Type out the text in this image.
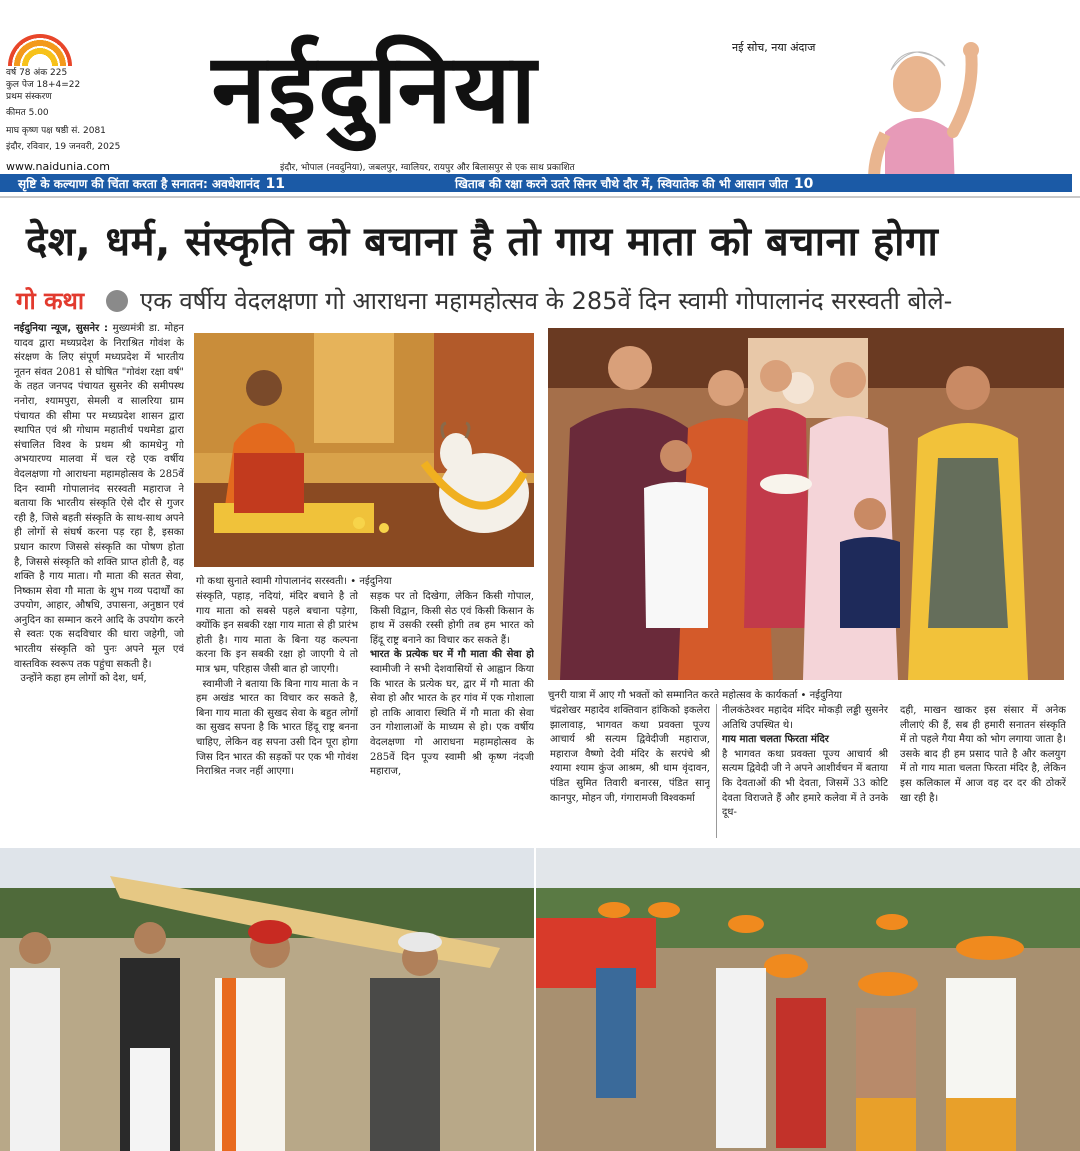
वर्ष 78 अंक 225
कुल पेज 18+4=22
प्रथम संस्करण
कीमत 5.00
माघ कृष्ण पक्ष षष्ठी सं. 2081
इंदौर, रविवार, 19 जनवरी, 2025
www.naidunia.com
नईदुनिया	नई सोच, नया अंदाज
इंदौर, भोपाल (नवदुनिया), जबलपुर, ग्वालियर, रायपुर और बिलासपुर से एक साथ प्रकाशित
सृष्टि के कल्याण की चिंता करता है सनातन: अवधेशानंद 11	खिताब की रक्षा करने उतरे सिनर चौथे दौर में, स्वियातेक की भी आसान जीत 10
देश, धर्म, संस्कृति को बचाना है तो गाय माता को बचाना होगा
गो कथा एक वर्षीय वेदलक्षणा गो आराधना महामहोत्सव के 285वें दिन स्वामी गोपालानंद सरस्वती बोले-
नईदुनिया न्यूज, सुसनेर : मुख्यमंत्री डा. मोहन यादव द्वारा मध्यप्रदेश के निराश्रित गोवंश के संरक्षण के लिए संपूर्ण मध्यप्रदेश में भारतीय नूतन संवत 2081 से घोषित "गोवंश रक्षा वर्ष" के तहत जनपद पंचायत सुसनेर की समीपस्थ ननोरा, श्यामपुरा, सेमली व सालरिया ग्राम पंचायत की सीमा पर मध्यप्रदेश शासन द्वारा स्थापित एवं श्री गोधाम महातीर्थ पथमेडा द्वारा संचालित विश्व के प्रथम श्री कामधेनु गो अभयारण्य मालवा में चल रहे एक वर्षीय वेदलक्षणा गो आराधना महामहोत्सव के 285वें दिन स्वामी गोपालानंद सरस्वती महाराज ने बताया कि भारतीय संस्कृति ऐसे दौर से गुजर रही है, जिसे बहती संस्कृति के साथ-साथ अपने ही लोगों से संघर्ष करना पड़ रहा है, इसका प्रधान कारण जिससे संस्कृति का पोषण होता है, जिससे संस्कृति को शक्ति प्राप्त होती है, वह शक्ति है गाय माता। गौ माता की सतत सेवा, निष्काम सेवा गौ माता के शुभ गव्य पदार्थों का उपयोग, आहार, औषधि, उपासना, अनुष्ठान एवं अनुदिन का सम्मान करने आदि के उपयोग करने से स्वतः एक सदविचार की धारा जहेगी, जो भारतीय संस्कृति को पुनः अपने मूल एवं वास्तविक स्वरूप तक पहुंचा सकती है।
उन्होंने कहा हम लोगों को देश, धर्म,
गो कथा सुनाते स्वामी गोपालानंद सरस्वती। • नईदुनिया
संस्कृति, पहाड़, नदियां, मंदिर बचाने है तो गाय माता को सबसे पहले बचाना पड़ेगा, क्योंकि इन सबकी रक्षा गाय माता से ही प्रारंभ होती है। गाय माता के बिना यह कल्पना करना कि इन सबकी रक्षा हो जाएगी ये तो मात्र भ्रम, परिहास जैसी बात हो जाएगी।
स्वामीजी ने बताया कि बिना गाय माता के न हम अखंड भारत का विचार कर सकते है, बिना गाय माता की सुखद सेवा के बहुत लोगों का सुखद सपना है कि भारत हिंदू राष्ट्र बनना चाहिए, लेकिन वह सपना उसी दिन पूरा होगा जिस दिन भारत की सड़कों पर एक भी गोवंश निराश्रित नजर नहीं आएगा।
सड़क पर तो दिखेगा, लेकिन किसी गोपाल, किसी विद्वान, किसी सेठ एवं किसी किसान के हाथ में उसकी रस्सी होगी तब हम भारत को हिंदू राष्ट्र बनाने का विचार कर सकते हैं।
भारत के प्रत्येक घर में गौ माता की सेवा हो स्वामीजी ने सभी देशवासियों से आह्वान किया कि भारत के प्रत्येक घर, द्वार में गौ माता की सेवा हो और भारत के हर गांव में एक गोशाला हो ताकि आवारा स्थिति में गौ माता की सेवा उन गोशालाओं के माध्यम से हो। एक वर्षीय वेदलक्षणा गो आराधना महामहोत्सव के 285वें दिन पूज्य स्वामी श्री कृष्ण नंदजी महाराज,
चुनरी यात्रा में आए गौ भक्तों को सम्मानित करते महोत्सव के कार्यकर्ता • नईदुनिया
चंद्रशेखर महादेव शक्तिवान हांकिको इकलेरा झालावाड़, भागवत कथा प्रवक्ता पूज्य आचार्य श्री सत्यम द्विवेदीजी महाराज, महाराज वैष्णो देवी मंदिर के सरपंचे श्री श्यामा श्याम कुंज आश्रम, श्री धाम वृंदावन, पंडित सुमित तिवारी बनारस, पंडित सानू कानपुर, मोहन जी, गंगारामजी विश्वकर्मा
नीलकंठेश्वर महादेव मंदिर मोकड़ी लड्डी सुसनेर अतिथि उपस्थित थे।
गाय माता चलता फिरता मंदिर
है भागवत कथा प्रवक्ता पूज्य आचार्य श्री सत्यम द्विवेदी जी ने अपने आशीर्वचन में बताया कि देवताओं की भी देवता, जिसमें 33 कोटि देवता विराजते हैं और हमारे कलेवा में ते उनके दूध-
दही, माखन खाकर इस संसार में अनेक लीलाएं की हैं, सब ही हमारी सनातन संस्कृति में तो पहले गैया मैया को भोग लगाया जाता है। उसके बाद ही हम प्रसाद पाते है और कलयुग में तो गाय माता चलता फिरता मंदिर है, लेकिन इस कलिकाल में आज वह दर दर की ठोकरें खा रही है।
